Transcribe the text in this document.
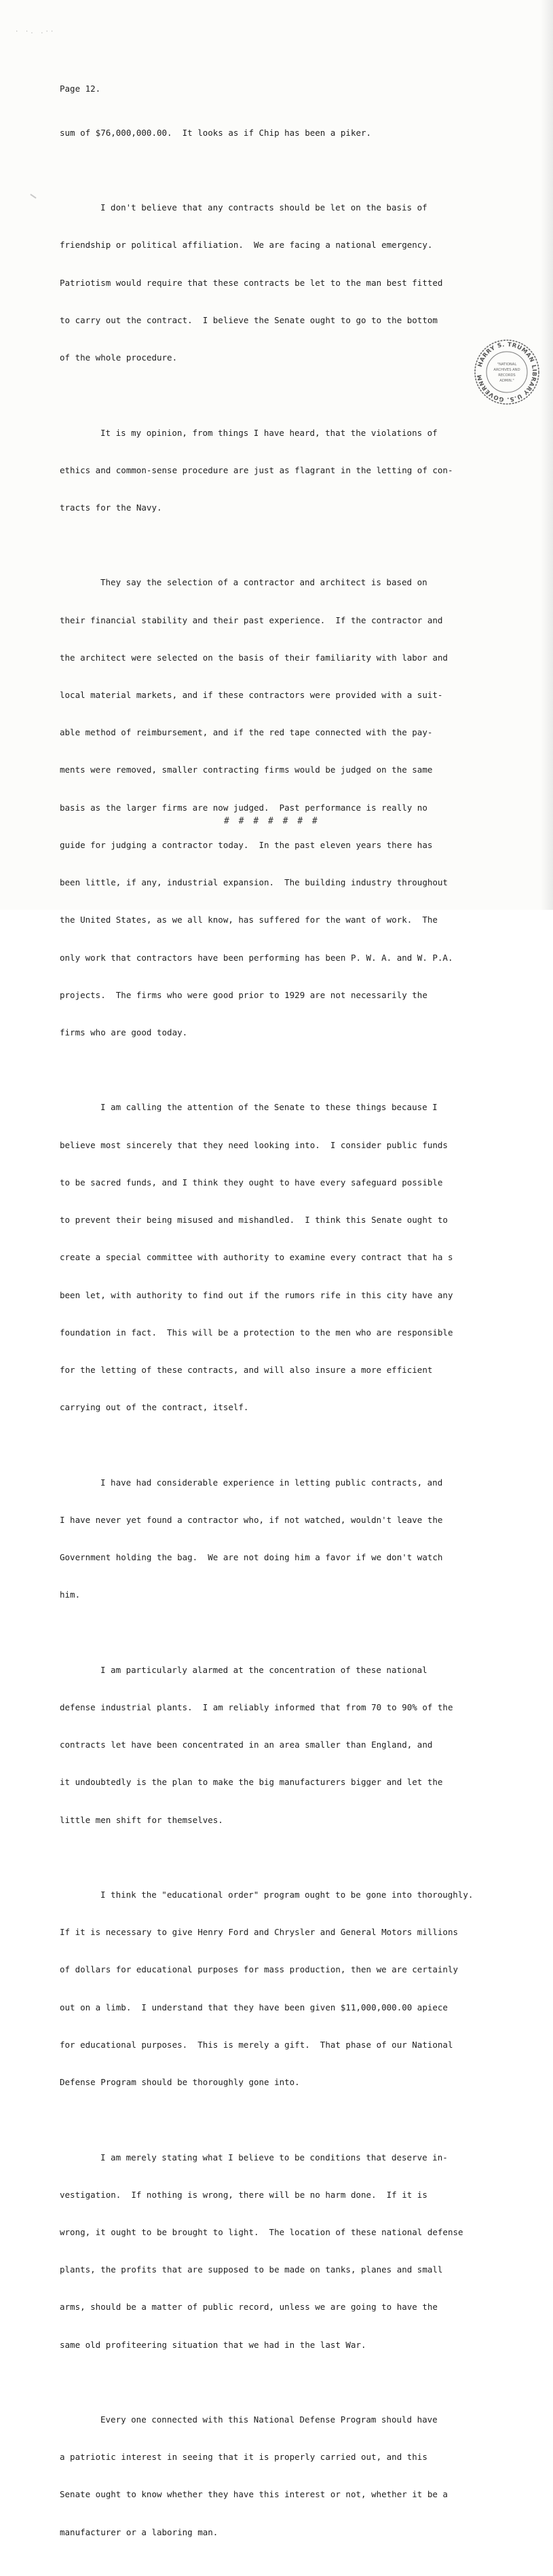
· ·. .··
Page 12.

sum of $76,000,000.00.  It looks as if Chip has been a piker.

I don't believe that any contracts should be let on the basis of

friendship or political affiliation.  We are facing a national emergency.

Patriotism would require that these contracts be let to the man best fitted

to carry out the contract.  I believe the Senate ought to go to the bottom

of the whole procedure.

It is my opinion, from things I have heard, that the violations of

ethics and common-sense procedure are just as flagrant in the letting of con-

tracts for the Navy.

They say the selection of a contractor and architect is based on

their financial stability and their past experience.  If the contractor and

the architect were selected on the basis of their familiarity with labor and

local material markets, and if these contractors were provided with a suit-

able method of reimbursement, and if the red tape connected with the pay-

ments were removed, smaller contracting firms would be judged on the same

basis as the larger firms are now judged.  Past performance is really no

guide for judging a contractor today.  In the past eleven years there has

been little, if any, industrial expansion.  The building industry throughout

the United States, as we all know, has suffered for the want of work.  The

only work that contractors have been performing has been P. W. A. and W. P.A.

projects.  The firms who were good prior to 1929 are not necessarily the

firms who are good today.

I am calling the attention of the Senate to these things because I

believe most sincerely that they need looking into.  I consider public funds

to be sacred funds, and I think they ought to have every safeguard possible

to prevent their being misused and mishandled.  I think this Senate ought to

create a special committee with authority to examine every contract that ha s

been let, with authority to find out if the rumors rife in this city have any

foundation in fact.  This will be a protection to the men who are responsible

for the letting of these contracts, and will also insure a more efficient

carrying out of the contract, itself.

I have had considerable experience in letting public contracts, and

I have never yet found a contractor who, if not watched, wouldn't leave the

Government holding the bag.  We are not doing him a favor if we don't watch

him.

I am particularly alarmed at the concentration of these national

defense industrial plants.  I am reliably informed that from 70 to 90% of the

contracts let have been concentrated in an area smaller than England, and

it undoubtedly is the plan to make the big manufacturers bigger and let the

little men shift for themselves.

I think the "educational order" program ought to be gone into thoroughly.

If it is necessary to give Henry Ford and Chrysler and General Motors millions

of dollars for educational purposes for mass production, then we are certainly

out on a limb.  I understand that they have been given $11,000,000.00 apiece

for educational purposes.  This is merely a gift.  That phase of our National

Defense Program should be thoroughly gone into.

I am merely stating what I believe to be conditions that deserve in-

vestigation.  If nothing is wrong, there will be no harm done.  If it is

wrong, it ought to be brought to light.  The location of these national defense

plants, the profits that are supposed to be made on tanks, planes and small

arms, should be a matter of public record, unless we are going to have the

same old profiteering situation that we had in the last War.

Every one connected with this National Defense Program should have

a patriotic interest in seeing that it is properly carried out, and this

Senate ought to know whether they have this interest or not, whether it be a

manufacturer or a laboring man.

# # # # # # #
HARRY S. TRUMAN LIBRARY U.S. GOVERNM
"NATIONAL
ARCHIVES AND
RECORDS
ADMIN."
